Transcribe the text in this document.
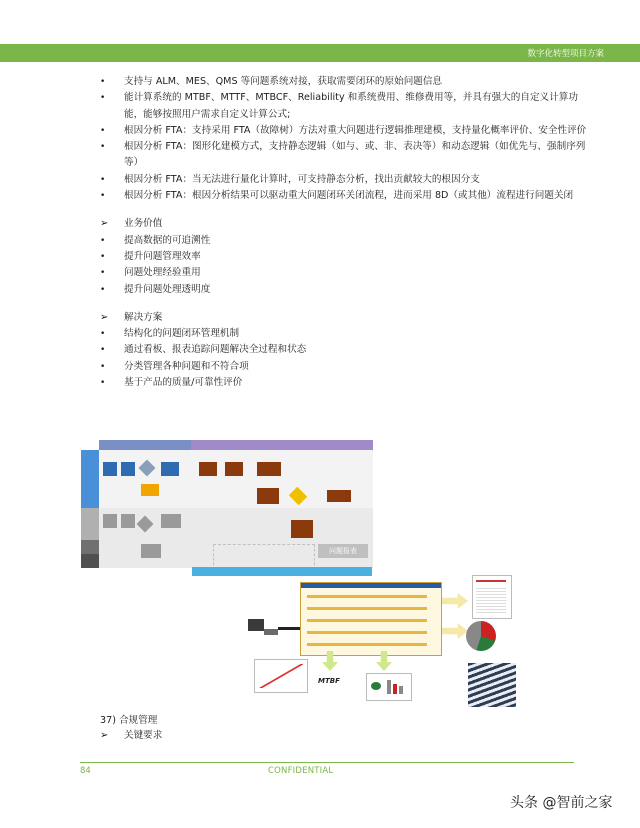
数字化转型项目方案
• 支持与 ALM、MES、QMS 等问题系统对接，获取需要闭环的原始问题信息
• 能计算系统的 MTBF、MTTF、MTBCF、Reliability 和系统费用、维修费用等，并具有强大的自定义计算功能，能够按照用户需求自定义计算公式;
• 根因分析 FTA：支持采用 FTA（故障树）方法对重大问题进行逻辑推理建模，支持量化概率评价、安全性评价
• 根因分析 FTA：图形化建模方式，支持静态逻辑（如与、或、非、表决等）和动态逻辑（如优先与、强制序列等）
• 根因分析 FTA：当无法进行量化计算时，可支持静态分析，找出贡献较大的根因分支
• 根因分析 FTA：根因分析结果可以驱动重大问题闭环关闭流程，进而采用 8D（或其他）流程进行问题关闭
➢ 业务价值
• 提高数据的可追溯性
• 提升问题管理效率
• 问题处理经验重用
• 提升问题处理透明度
➢ 解决方案
• 结构化的问题闭环管理机制
• 通过看板、报表追踪问题解决全过程和状态
• 分类管理各种问题和不符合项
• 基于产品的质量/可靠性评价
问题报表
MTBF
37) 合规管理
➢ 关键要求
84	CONFIDENTIAL
头条 @智前之家
